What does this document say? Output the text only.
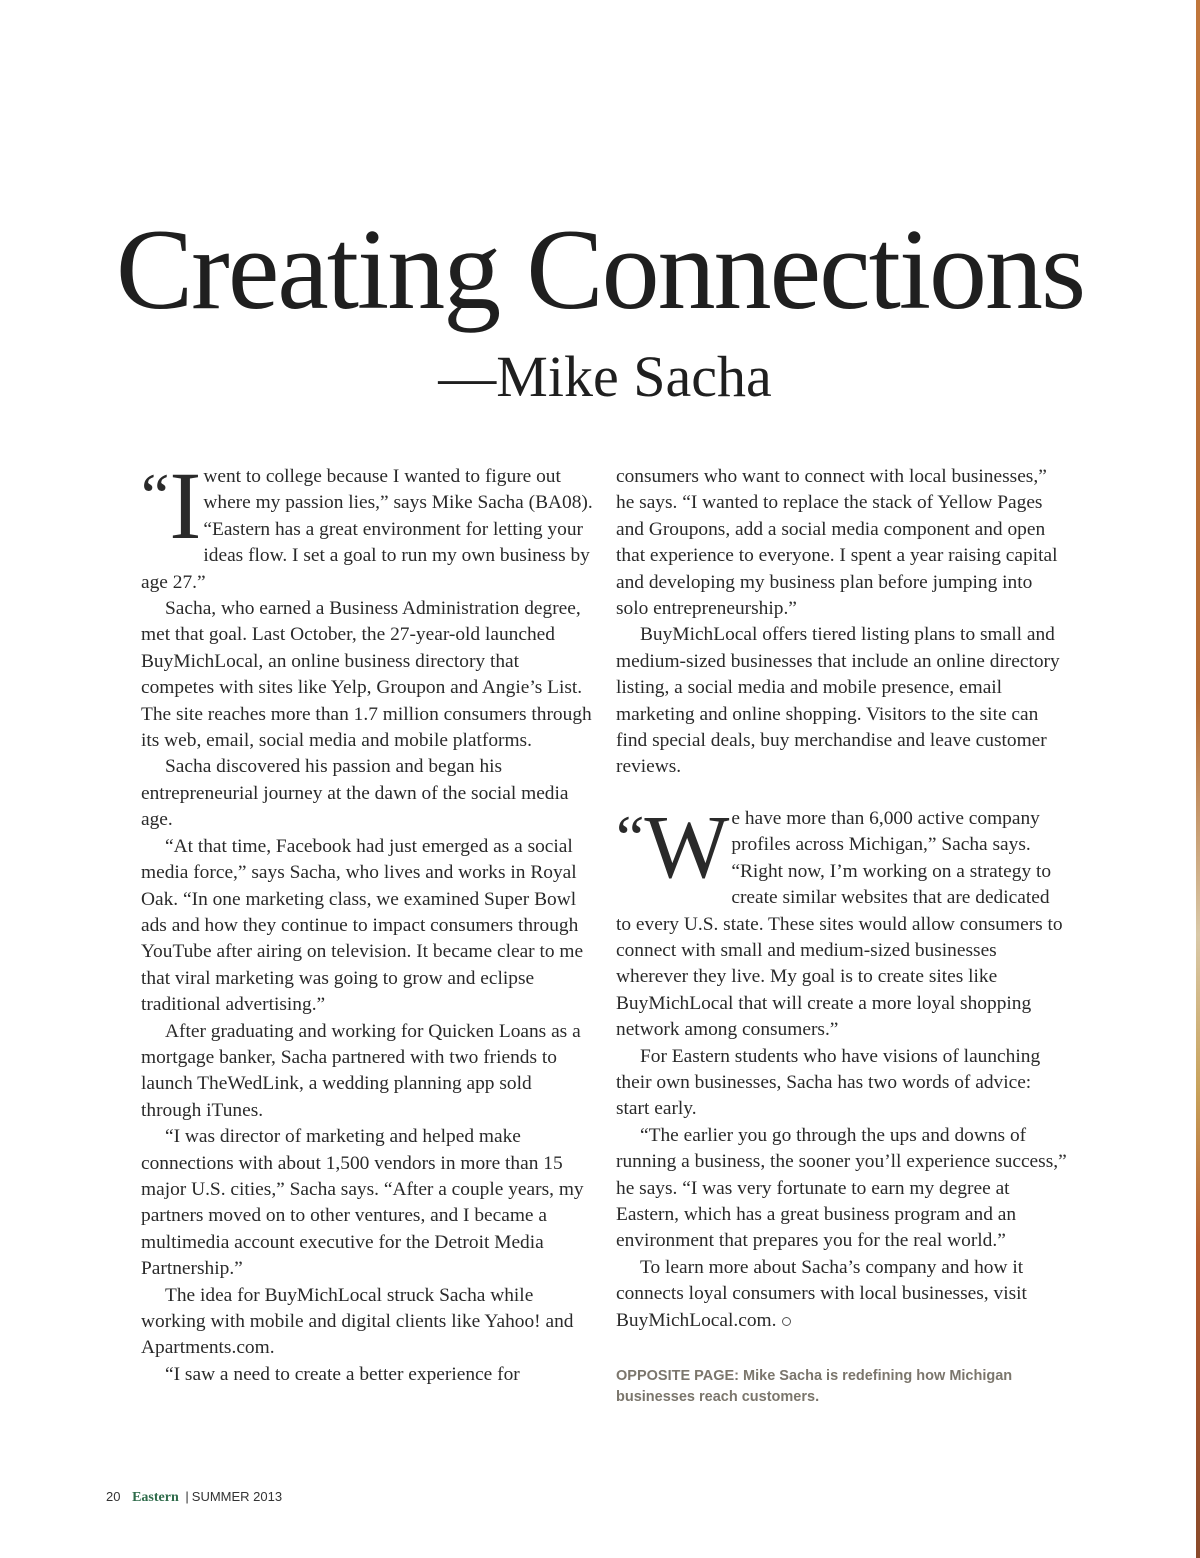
Creating Connections
—Mike Sacha

“ I went to college because I wanted to figure out where my passion lies,” says Mike Sacha (BA08). “Eastern has a great environment for letting your ideas flow. I set a goal to run my own business by age 27.”

Sacha, who earned a Business Administration degree, met that goal. Last October, the 27-year-old launched BuyMichLocal, an online business directory that competes with sites like Yelp, Groupon and Angie’s List. The site reaches more than 1.7 million consumers through its web, email, social media and mobile platforms.

Sacha discovered his passion and began his entrepreneurial journey at the dawn of the social media age.

“At that time, Facebook had just emerged as a social media force,” says Sacha, who lives and works in Royal Oak. “In one marketing class, we examined Super Bowl ads and how they continue to impact consumers through YouTube after airing on television. It became clear to me that viral marketing was going to grow and eclipse traditional advertising.”

After graduating and working for Quicken Loans as a mortgage banker, Sacha partnered with two friends to launch TheWedLink, a wedding planning app sold through iTunes.

“I was director of marketing and helped make connections with about 1,500 vendors in more than 15 major U.S. cities,” Sacha says. “After a couple years, my partners moved on to other ventures, and I became a multimedia account executive for the Detroit Media Partnership.”

The idea for BuyMichLocal struck Sacha while working with mobile and digital clients like Yahoo! and Apartments.com.

“I saw a need to create a better experience for

consumers who want to connect with local businesses,” he says. “I wanted to replace the stack of Yellow Pages and Groupons, add a social media component and open that experience to everyone. I spent a year raising capital and developing my business plan before jumping into solo entrepreneurship.”

BuyMichLocal offers tiered listing plans to small and medium-sized businesses that include an online directory listing, a social media and mobile presence, email marketing and online shopping. Visitors to the site can find special deals, buy merchandise and leave customer reviews.

“ W e have more than 6,000 active company profiles across Michigan,” Sacha says. “Right now, I’m working on a strategy to create similar websites that are dedicated to every U.S. state. These sites would allow consumers to connect with small and medium-sized businesses wherever they live. My goal is to create sites like BuyMichLocal that will create a more loyal shopping network among consumers.”

For Eastern students who have visions of launching their own businesses, Sacha has two words of advice: start early.

“The earlier you go through the ups and downs of running a business, the sooner you’ll experience success,” he says. “I was very fortunate to earn my degree at Eastern, which has a great business program and an environment that prepares you for the real world.”

To learn more about Sacha’s company and how it connects loyal consumers with local businesses, visit BuyMichLocal.com.

OPPOSITE PAGE: Mike Sacha is redefining how Michigan businesses reach customers.
20 Eastern | SUMMER 2013
